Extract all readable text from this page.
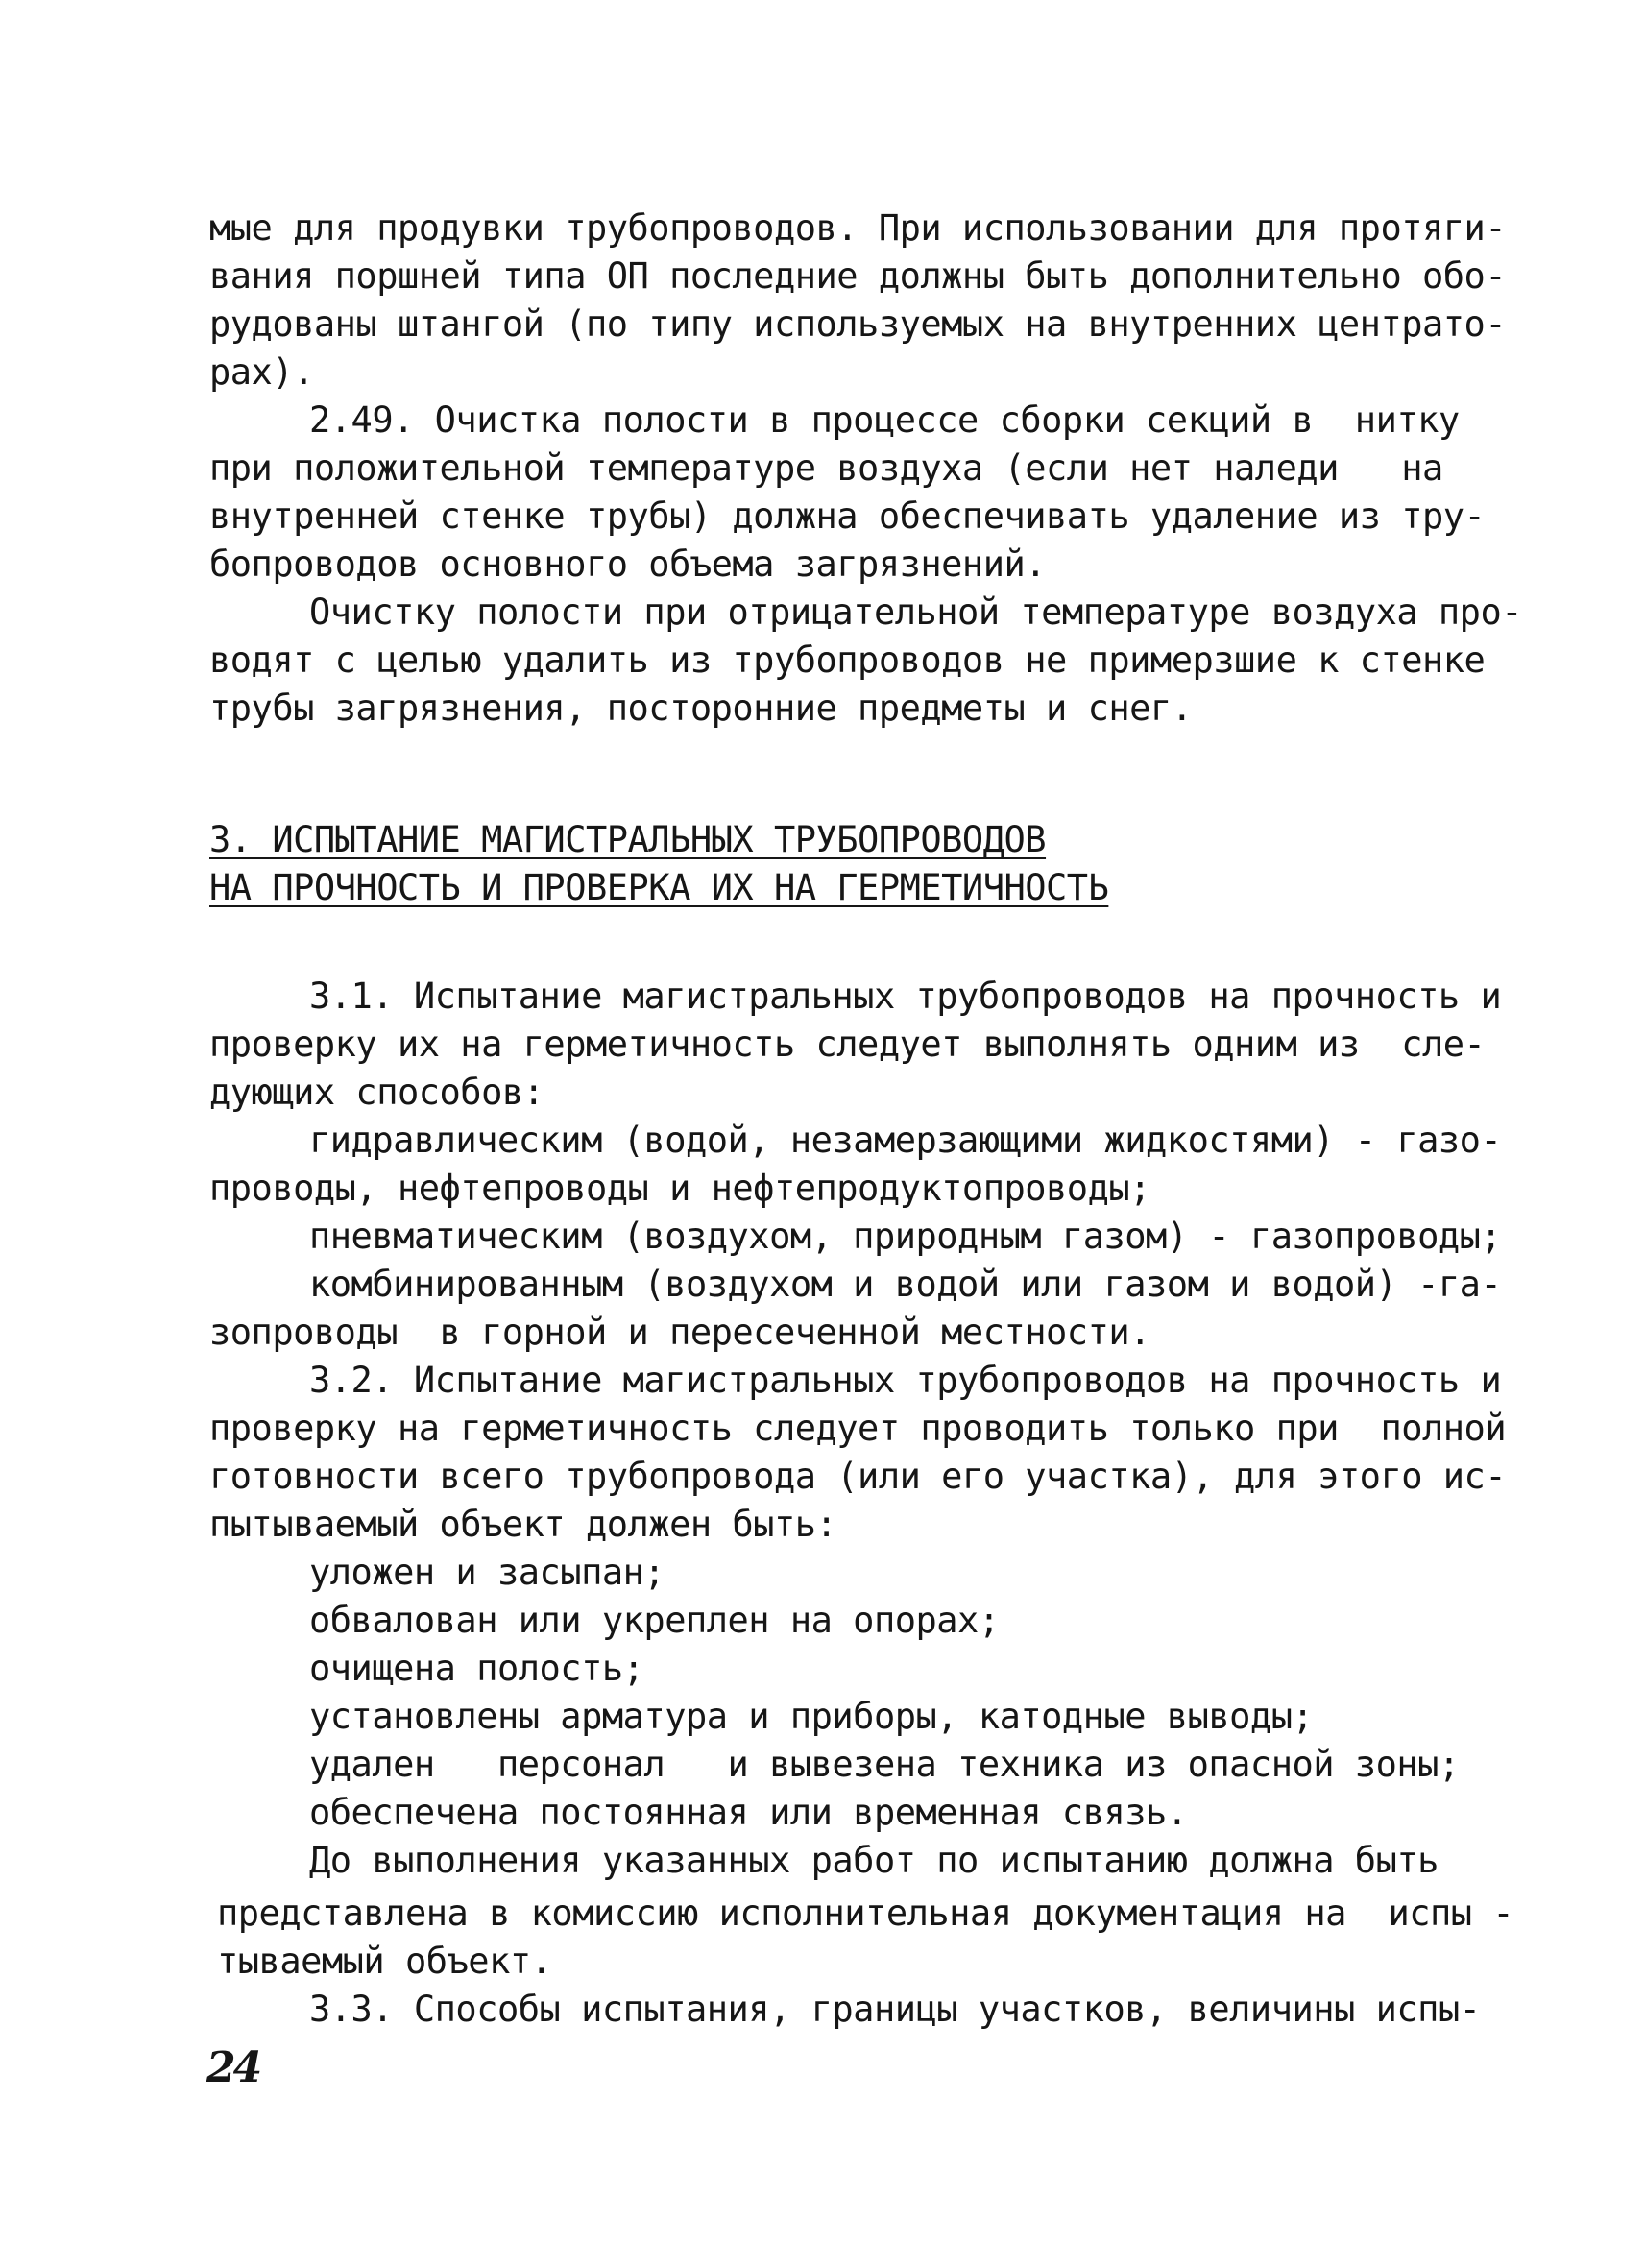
мые для продувки трубопроводов. При использовании для протяги-
вания поршней типа ОП последние должны быть дополнительно обо-
рудованы штангой (по типу используемых на внутренних центрато-
рах).
2.49. Очистка полости в процессе сборки секций в  нитку
при положительной температуре воздуха (если нет наледи   на
внутренней стенке трубы) должна обеспечивать удаление из тру-
бопроводов основного объема загрязнений.
Очистку полости при отрицательной температуре воздуха про-
водят с целью удалить из трубопроводов не примерзшие к стенке
трубы загрязнения, посторонние предметы и снег.
3. ИСПЫТАНИЕ МАГИСТРАЛЬНЫХ ТРУБОПРОВОДОВ
НА ПРОЧНОСТЬ И ПРОВЕРКА ИХ НА ГЕРМЕТИЧНОСТЬ
3.1. Испытание магистральных трубопроводов на прочность и
проверку их на герметичность следует выполнять одним из  сле-
дующих способов:
гидравлическим (водой, незамерзающими жидкостями) - газо-
проводы, нефтепроводы и нефтепродуктопроводы;
пневматическим (воздухом, природным газом) - газопроводы;
комбинированным (воздухом и водой или газом и водой) -га-
зопроводы  в горной и пересеченной местности.
3.2. Испытание магистральных трубопроводов на прочность и
проверку на герметичность следует проводить только при  полной
готовности всего трубопровода (или его участка), для этого ис-
пытываемый объект должен быть:
уложен и засыпан;
обвалован или укреплен на опорах;
очищена полость;
установлены арматура и приборы, катодные выводы;
удален   персонал   и вывезена техника из опасной зоны;
обеспечена постоянная или временная связь.
До выполнения указанных работ по испытанию должна быть
представлена в комиссию исполнительная документация на  испы -
тываемый объект.
3.3. Способы испытания, границы участков, величины испы-
24
